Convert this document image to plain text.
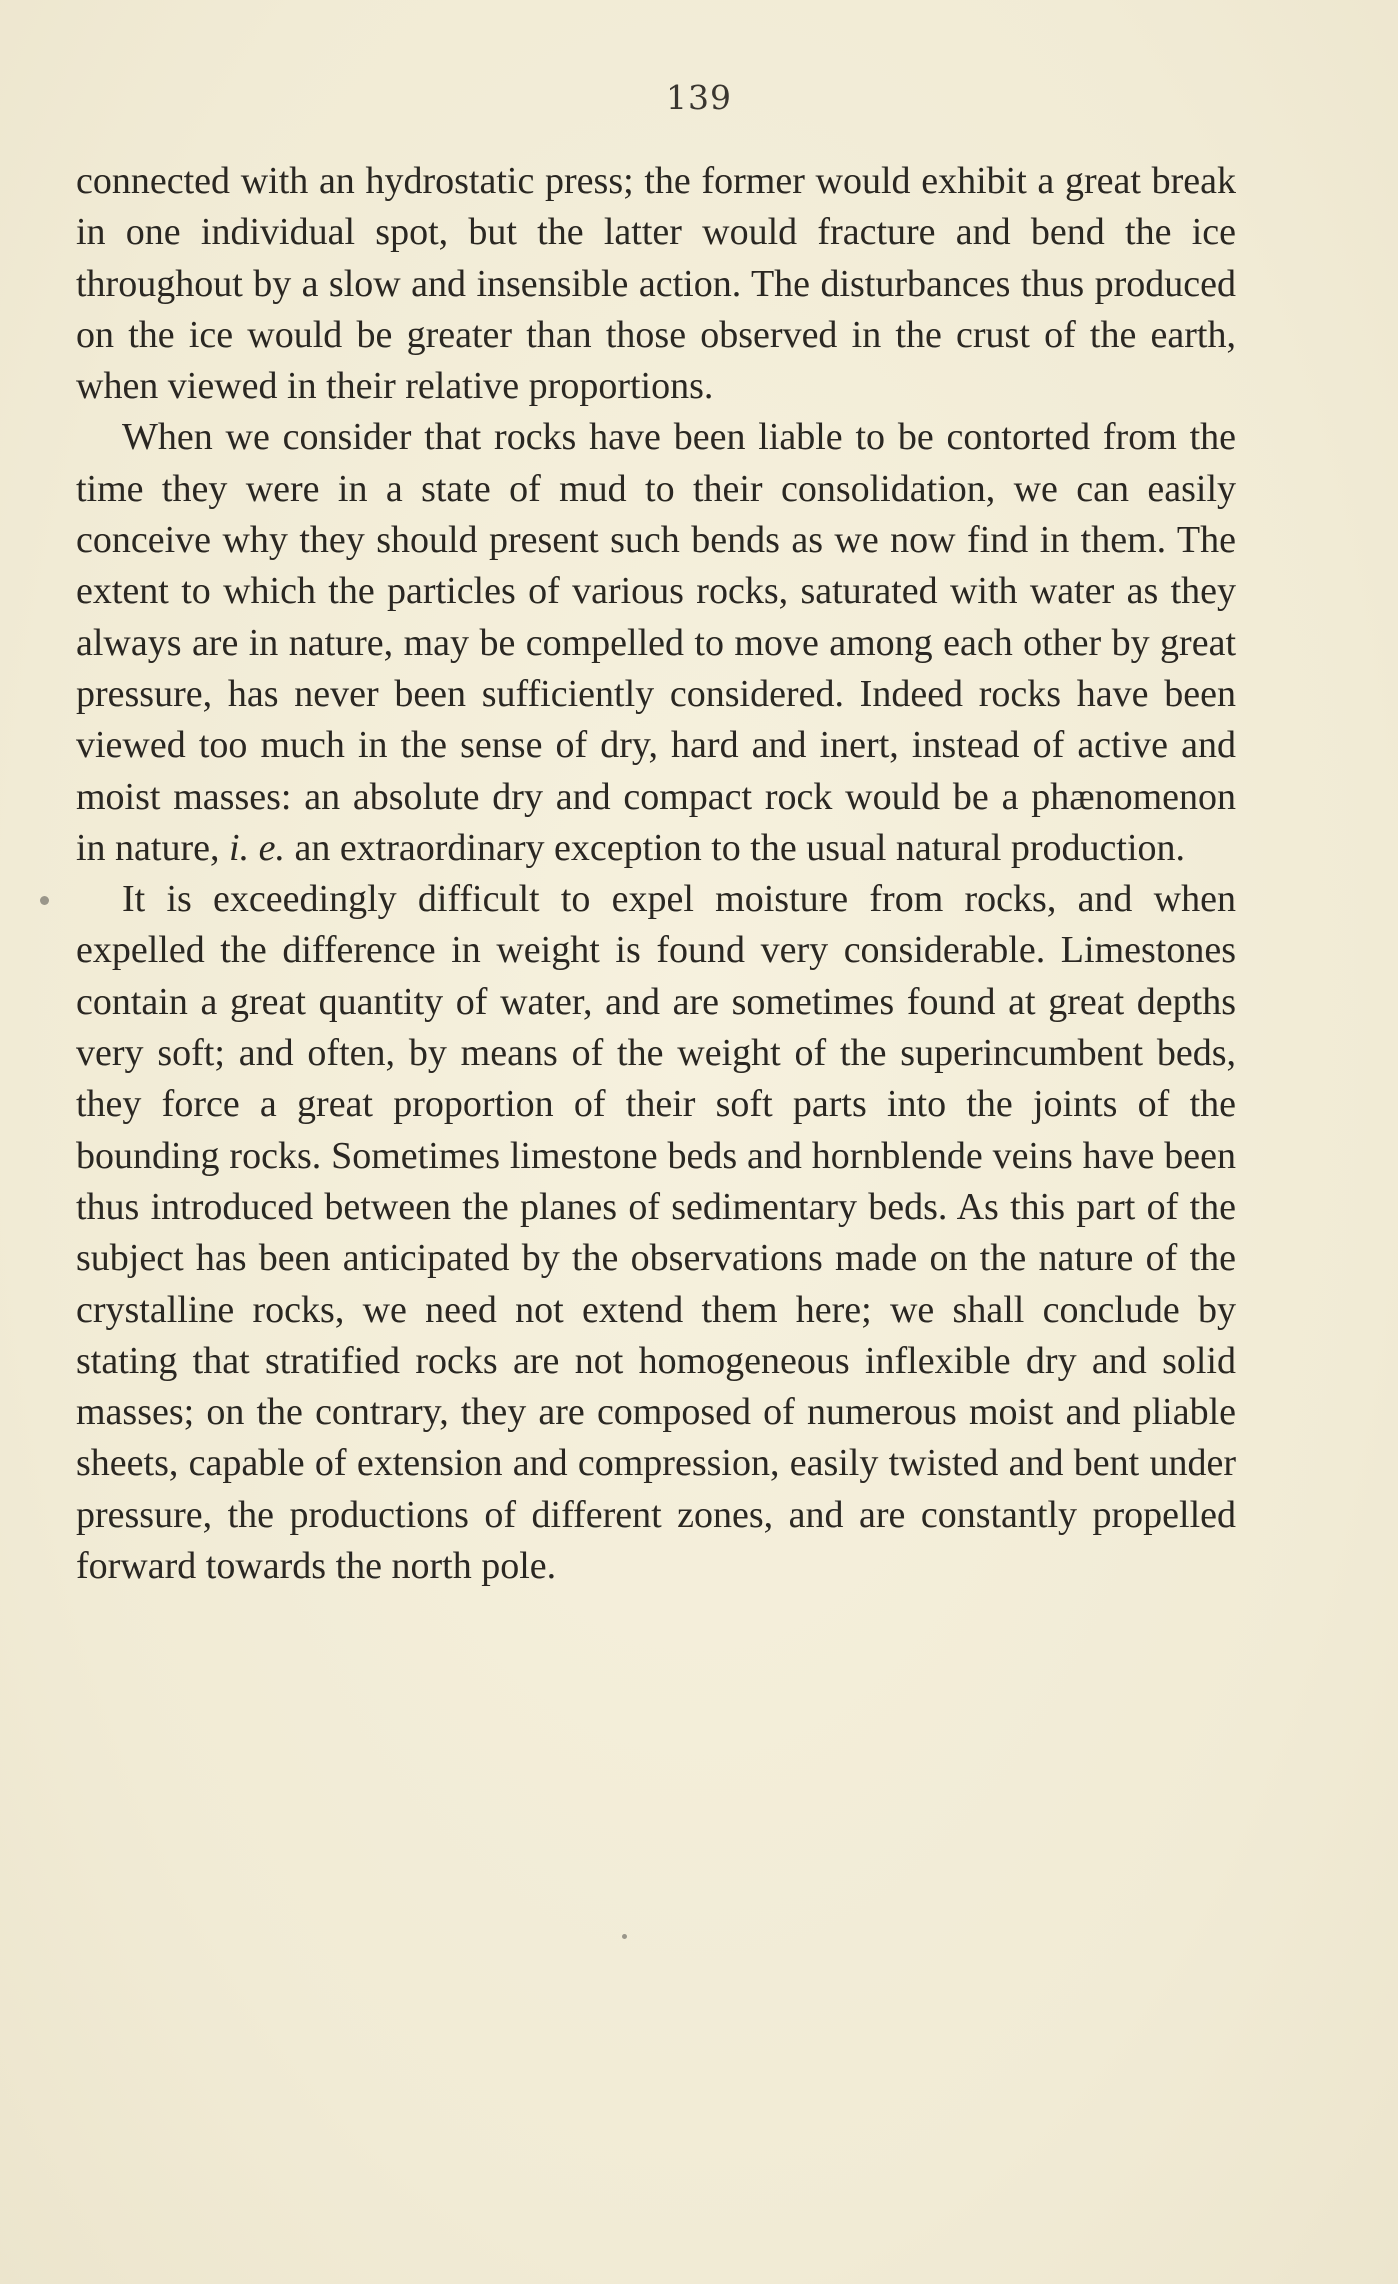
139

connected with an hydrostatic press; the former would exhibit a great break in one individual spot, but the latter would fracture and bend the ice throughout by a slow and insensible action. The disturbances thus produced on the ice would be greater than those observed in the crust of the earth, when viewed in their relative proportions.

When we consider that rocks have been liable to be contorted from the time they were in a state of mud to their consolidation, we can easily conceive why they should present such bends as we now find in them. The extent to which the particles of various rocks, saturated with water as they always are in nature, may be compelled to move among each other by great pressure, has never been sufficiently considered. Indeed rocks have been viewed too much in the sense of dry, hard and inert, instead of active and moist masses: an absolute dry and compact rock would be a phænomenon in nature, i. e. an extraordinary exception to the usual natural production.

It is exceedingly difficult to expel moisture from rocks, and when expelled the difference in weight is found very considerable. Limestones contain a great quantity of water, and are sometimes found at great depths very soft; and often, by means of the weight of the superincumbent beds, they force a great proportion of their soft parts into the joints of the bounding rocks. Sometimes limestone beds and hornblende veins have been thus introduced between the planes of sedimentary beds. As this part of the subject has been anticipated by the observations made on the nature of the crystalline rocks, we need not extend them here; we shall conclude by stating that stratified rocks are not homogeneous inflexible dry and solid masses; on the contrary, they are composed of numerous moist and pliable sheets, capable of extension and compression, easily twisted and bent under pressure, the productions of different zones, and are constantly propelled forward towards the north pole.
